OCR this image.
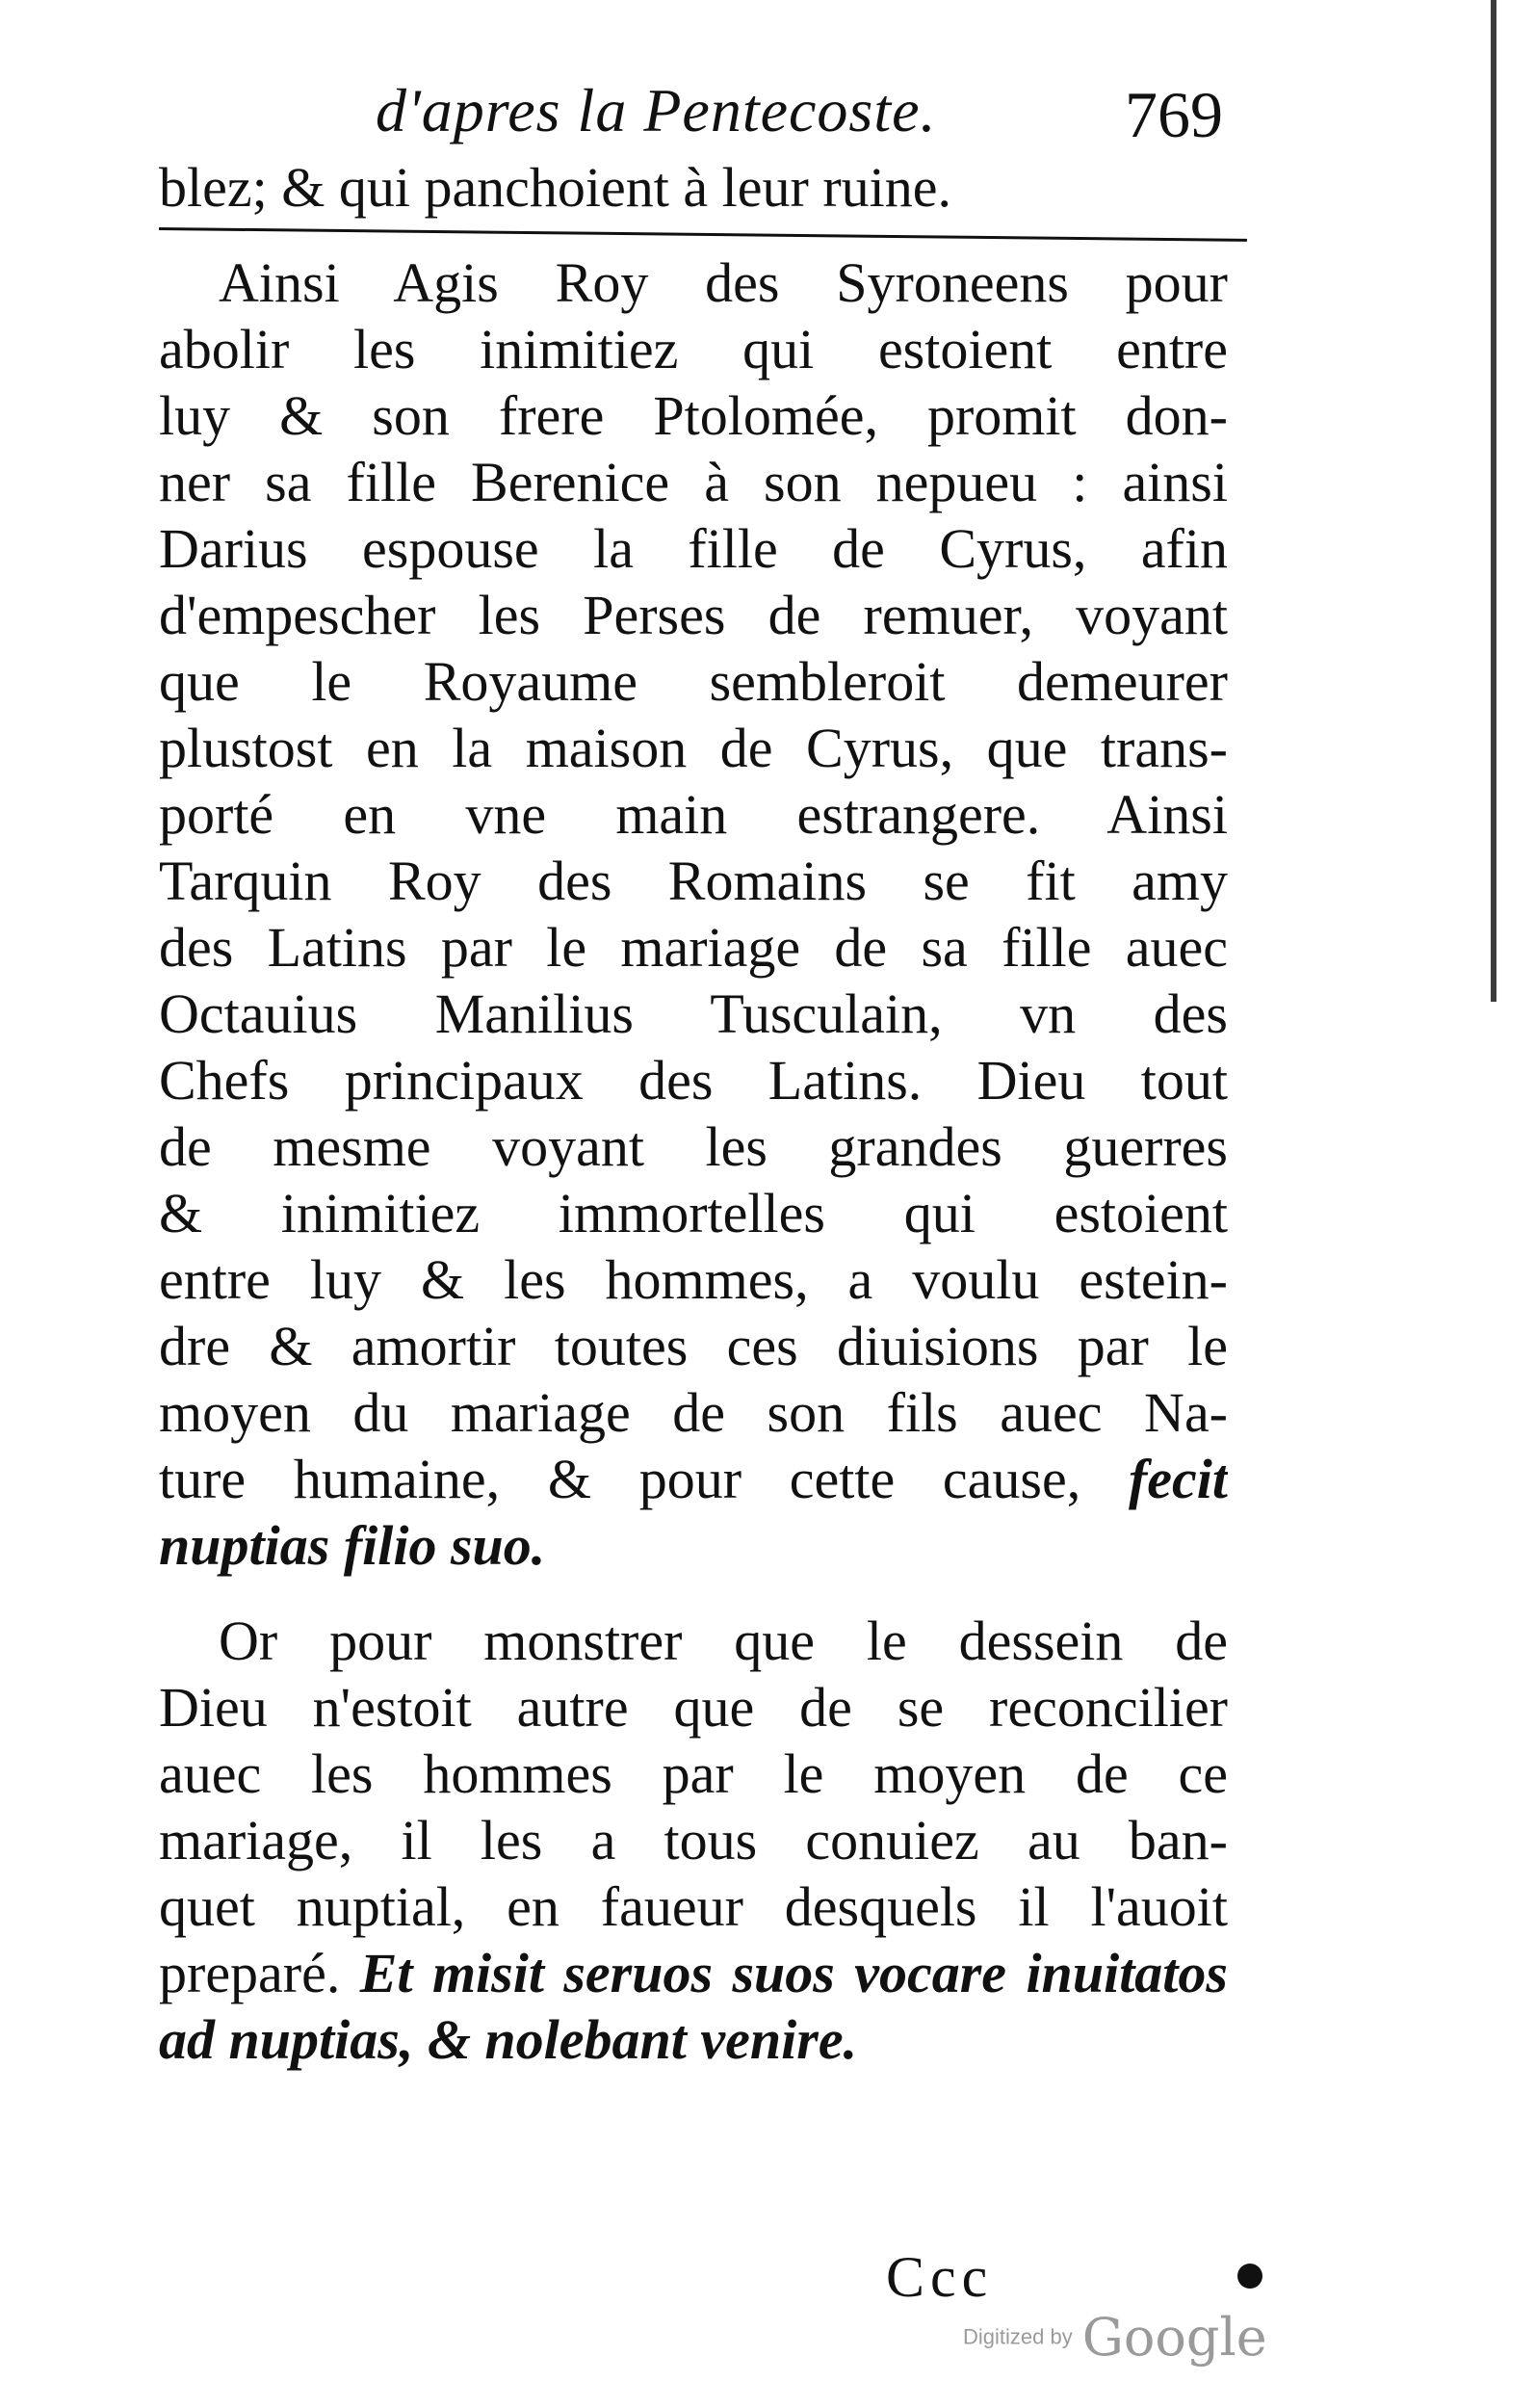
d'apres la Pentecoste.	769
blez; & qui panchoient à leur ruine.
Ainsi Agis Roy des Syroneens pour
abolir les inimitiez qui estoient entre
luy & son frere Ptolomée, promit don-
ner sa fille Berenice à son nepueu : ainsi
Darius espouse la fille de Cyrus, afin
d'empescher les Perses de remuer, voyant
que le Royaume sembleroit demeurer
plustost en la maison de Cyrus, que trans-
porté en vne main estrangere. Ainsi
Tarquin Roy des Romains se fit amy
des Latins par le mariage de sa fille auec
Octauius Manilius Tusculain, vn des
Chefs principaux des Latins. Dieu tout
de mesme voyant les grandes guerres
& inimitiez immortelles qui estoient
entre luy & les hommes, a voulu estein-
dre & amortir toutes ces diuisions par le
moyen du mariage de son fils auec Na-
ture humaine, & pour cette cause, fecit
nuptias filio suo.
Or pour monstrer que le dessein de
Dieu n'estoit autre que de se reconcilier
auec les hommes par le moyen de ce
mariage, il les a tous conuiez au ban-
quet nuptial, en faueur desquels il l'auoit
preparé. Et misit seruos suos vocare inuitatos
ad nuptias, & nolebant venire.
Ccc
Digitized by Google
